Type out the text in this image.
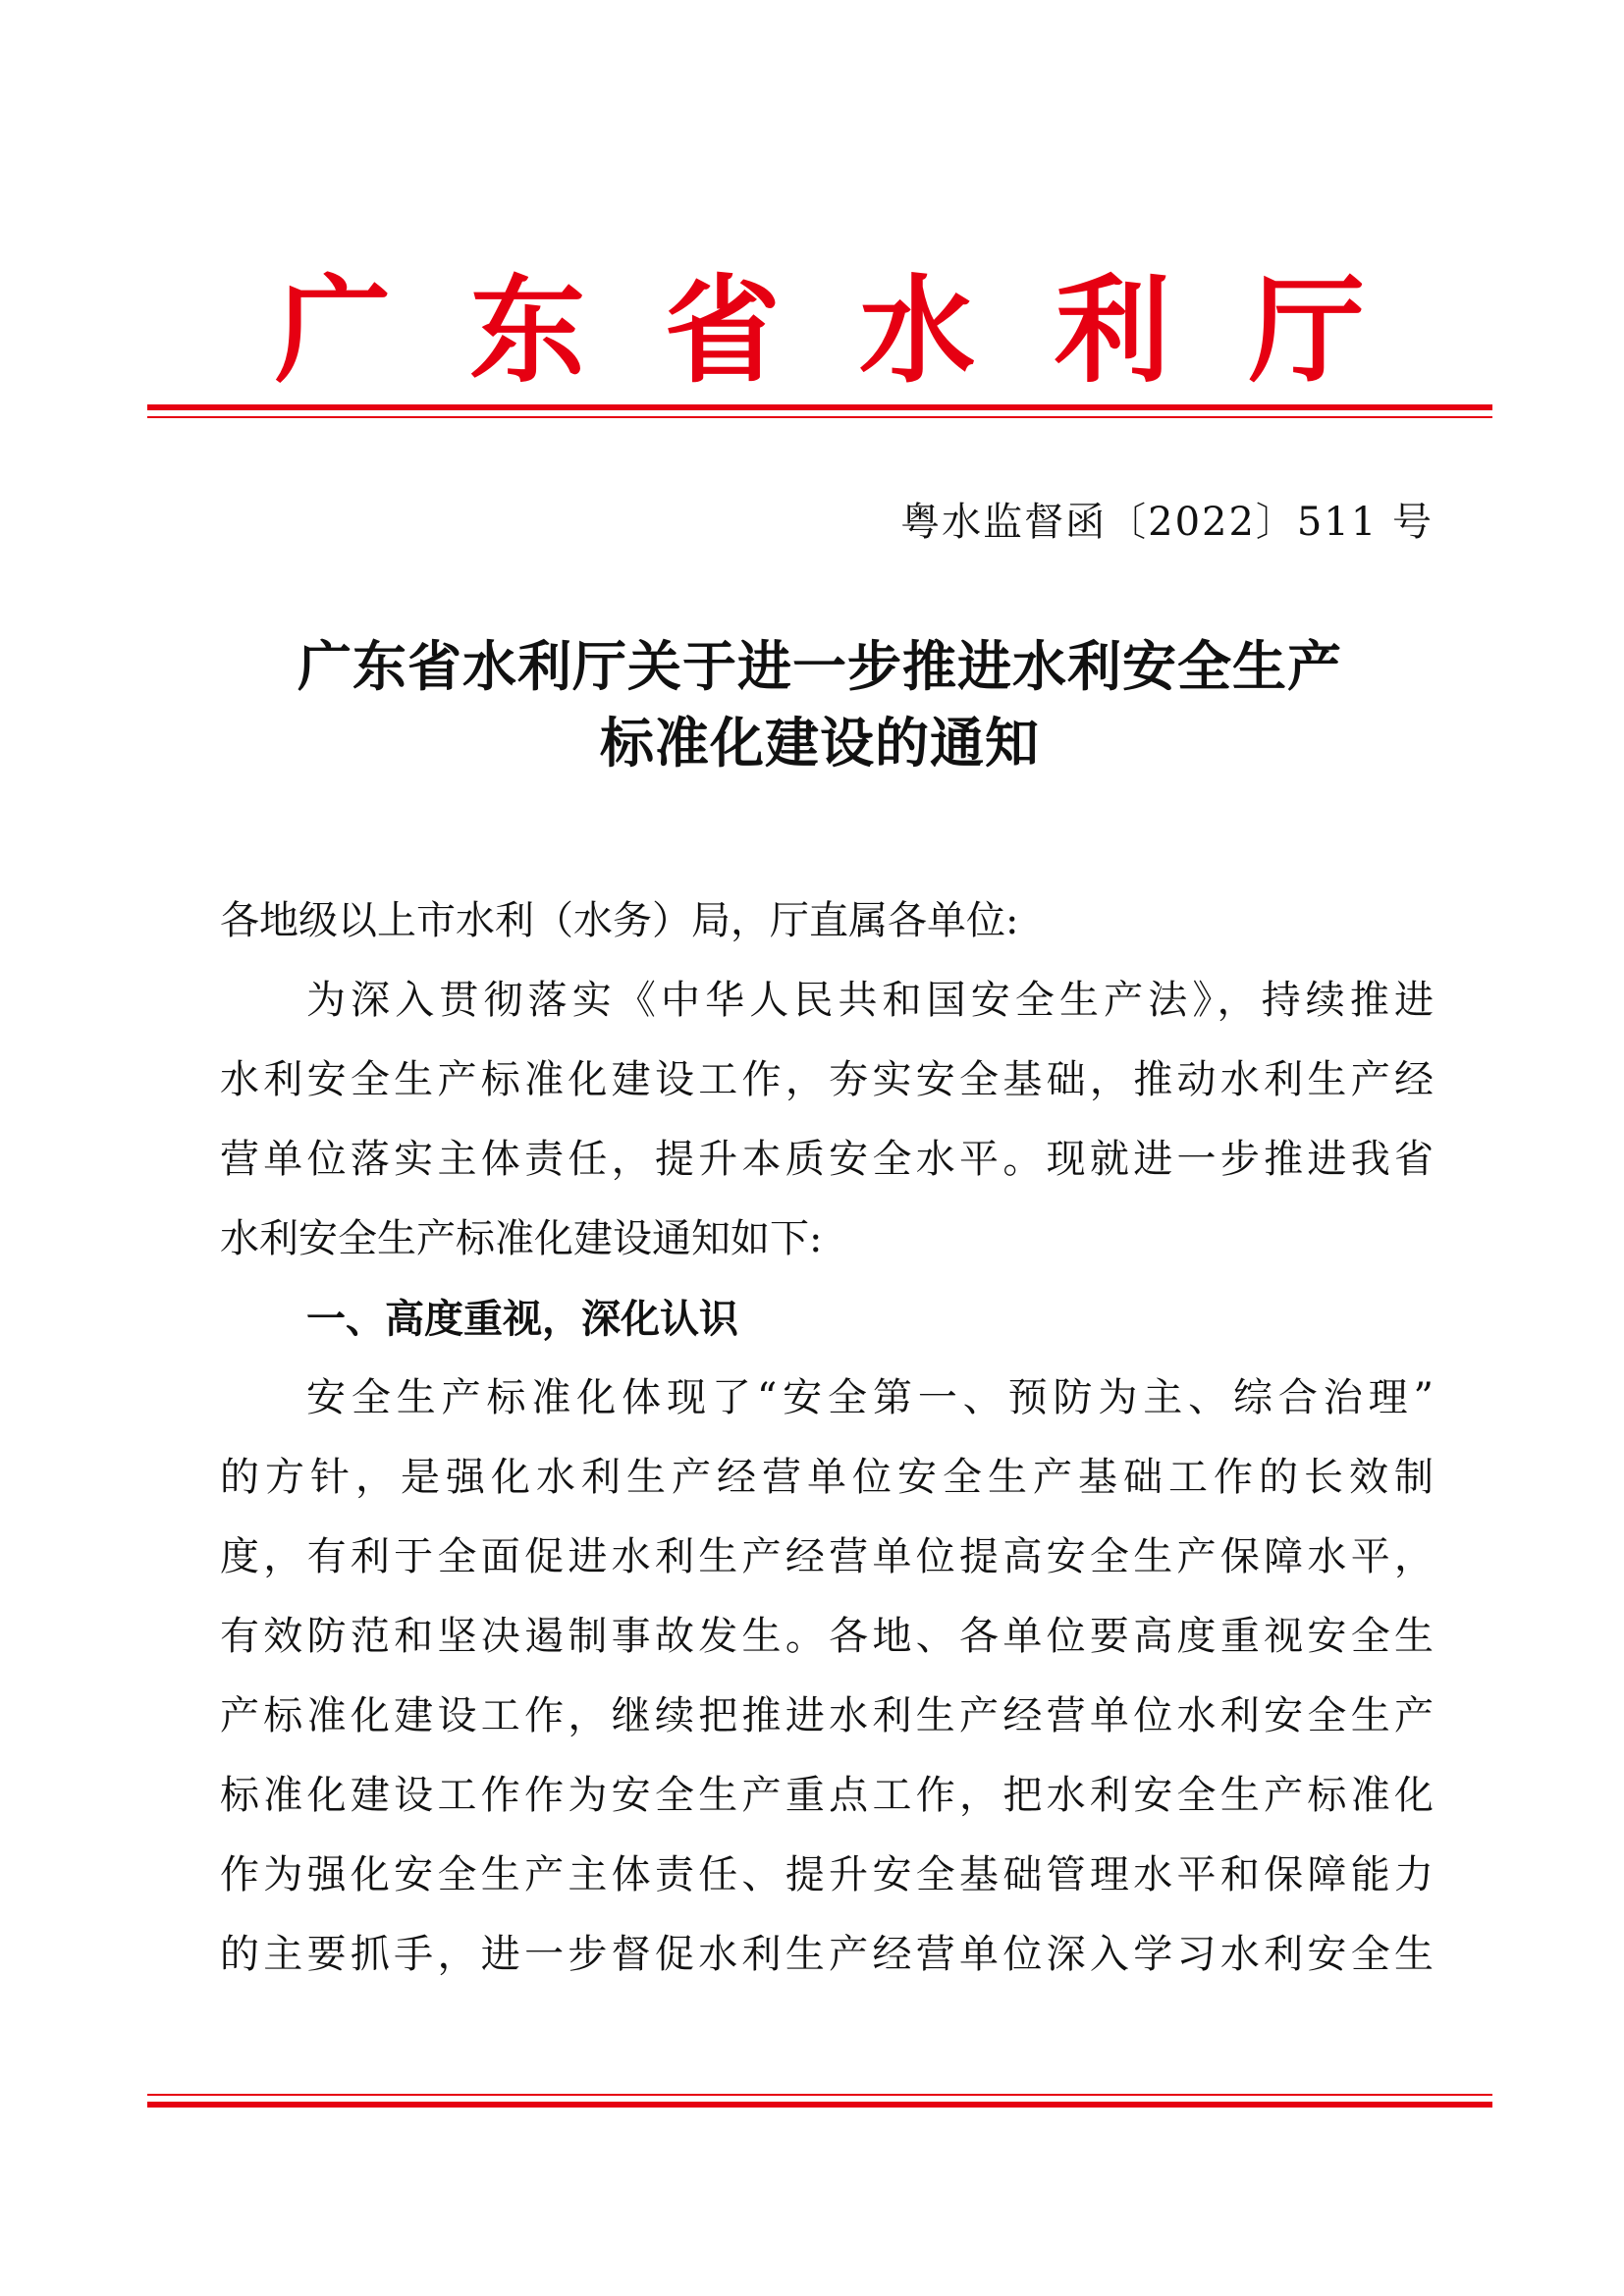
广 东 省 水 利 厅
粤水监督函〔2022〕511 号
广东省水利厅关于进一步推进水利安全生产
标准化建设的通知
各地级以上市水利（水务）局，厅直属各单位:
为深入贯彻落实《中华人民共和国安全生产法》，持续推进
水利安全生产标准化建设工作，夯实安全基础，推动水利生产经
营单位落实主体责任，提升本质安全水平。现就进一步推进我省
水利安全生产标准化建设通知如下:
一、高度重视，深化认识
安全生产标准化体现了“安全第一、预防为主、综合治理”
的方针，是强化水利生产经营单位安全生产基础工作的长效制
度，有利于全面促进水利生产经营单位提高安全生产保障水平，
有效防范和坚决遏制事故发生。各地、各单位要高度重视安全生
产标准化建设工作，继续把推进水利生产经营单位水利安全生产
标准化建设工作作为安全生产重点工作，把水利安全生产标准化
作为强化安全生产主体责任、提升安全基础管理水平和保障能力
的主要抓手，进一步督促水利生产经营单位深入学习水利安全生
